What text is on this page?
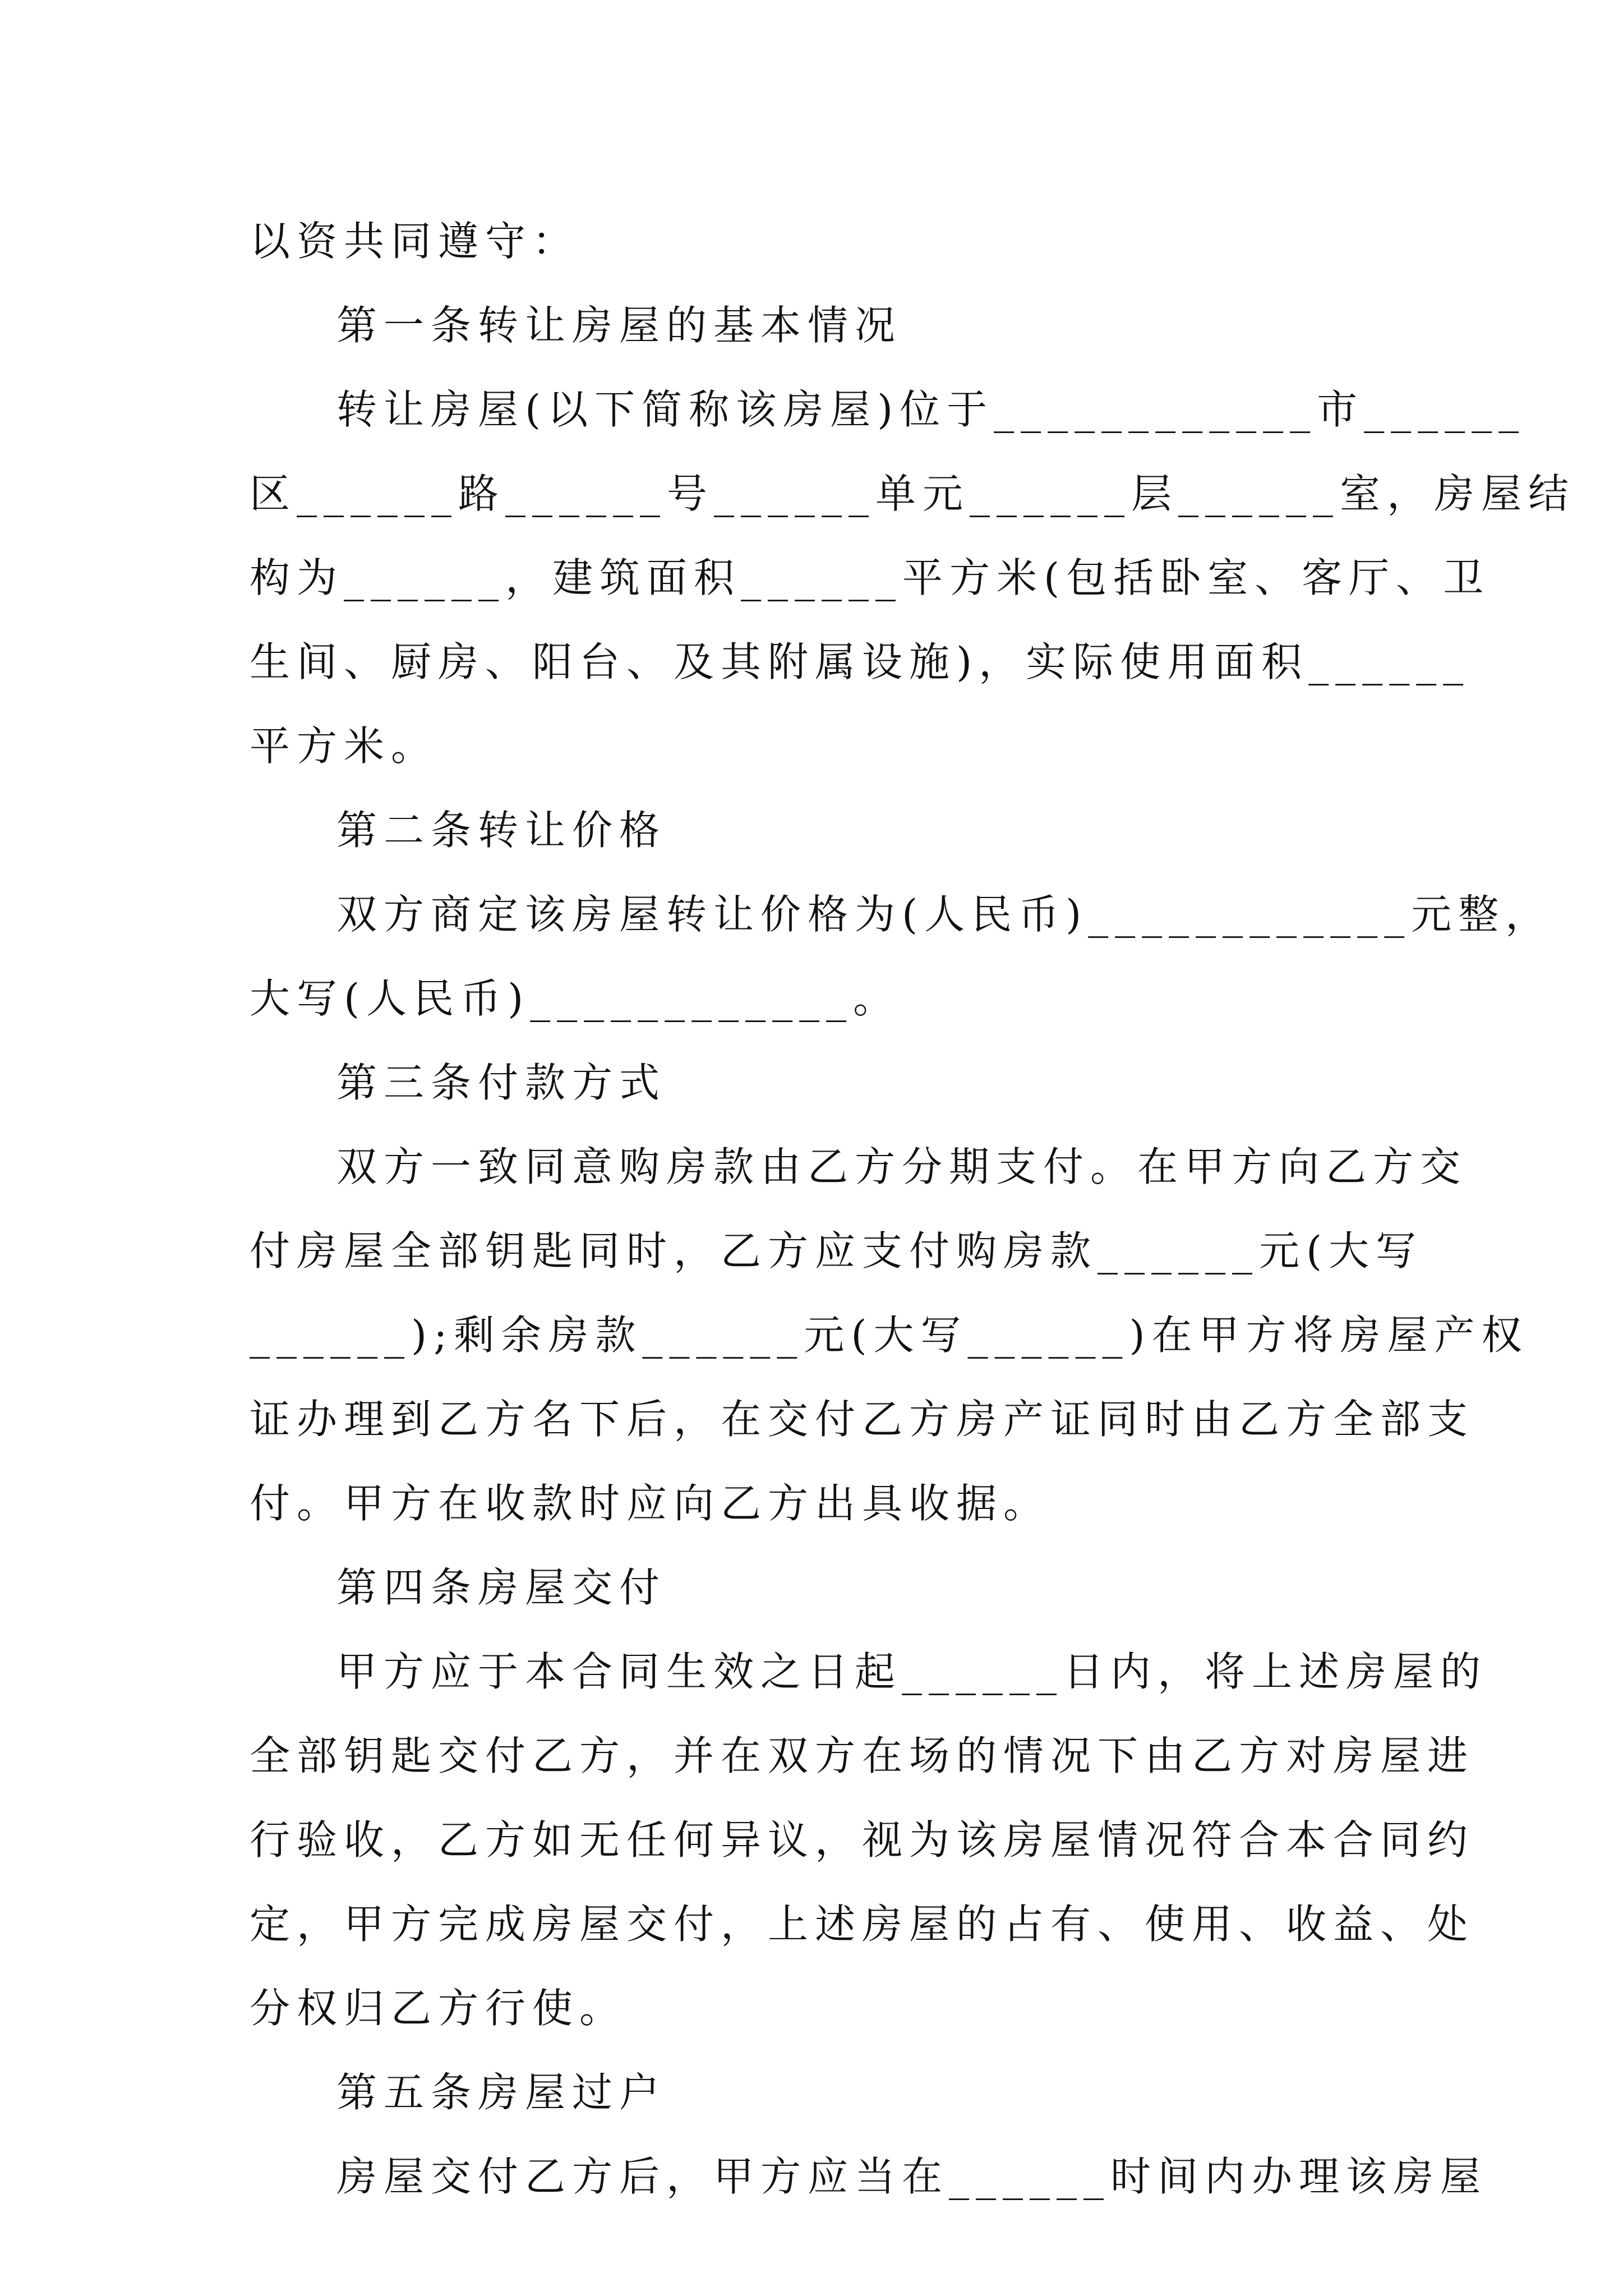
以资共同遵守：
第一条转让房屋的基本情况
转让房屋(以下简称该房屋)位于____________市______
区______路______号______单元______层______室，房屋结
构为______，建筑面积______平方米(包括卧室、客厅、卫
生间、厨房、阳台、及其附属设施)，实际使用面积______
平方米。
第二条转让价格
双方商定该房屋转让价格为(人民币)____________元整，
大写(人民币)____________。
第三条付款方式
双方一致同意购房款由乙方分期支付。在甲方向乙方交
付房屋全部钥匙同时，乙方应支付购房款______元(大写
______);剩余房款______元(大写______)在甲方将房屋产权
证办理到乙方名下后，在交付乙方房产证同时由乙方全部支
付。甲方在收款时应向乙方出具收据。
第四条房屋交付
甲方应于本合同生效之日起______日内，将上述房屋的
全部钥匙交付乙方，并在双方在场的情况下由乙方对房屋进
行验收，乙方如无任何异议，视为该房屋情况符合本合同约
定，甲方完成房屋交付，上述房屋的占有、使用、收益、处
分权归乙方行使。
第五条房屋过户
房屋交付乙方后，甲方应当在______时间内办理该房屋
